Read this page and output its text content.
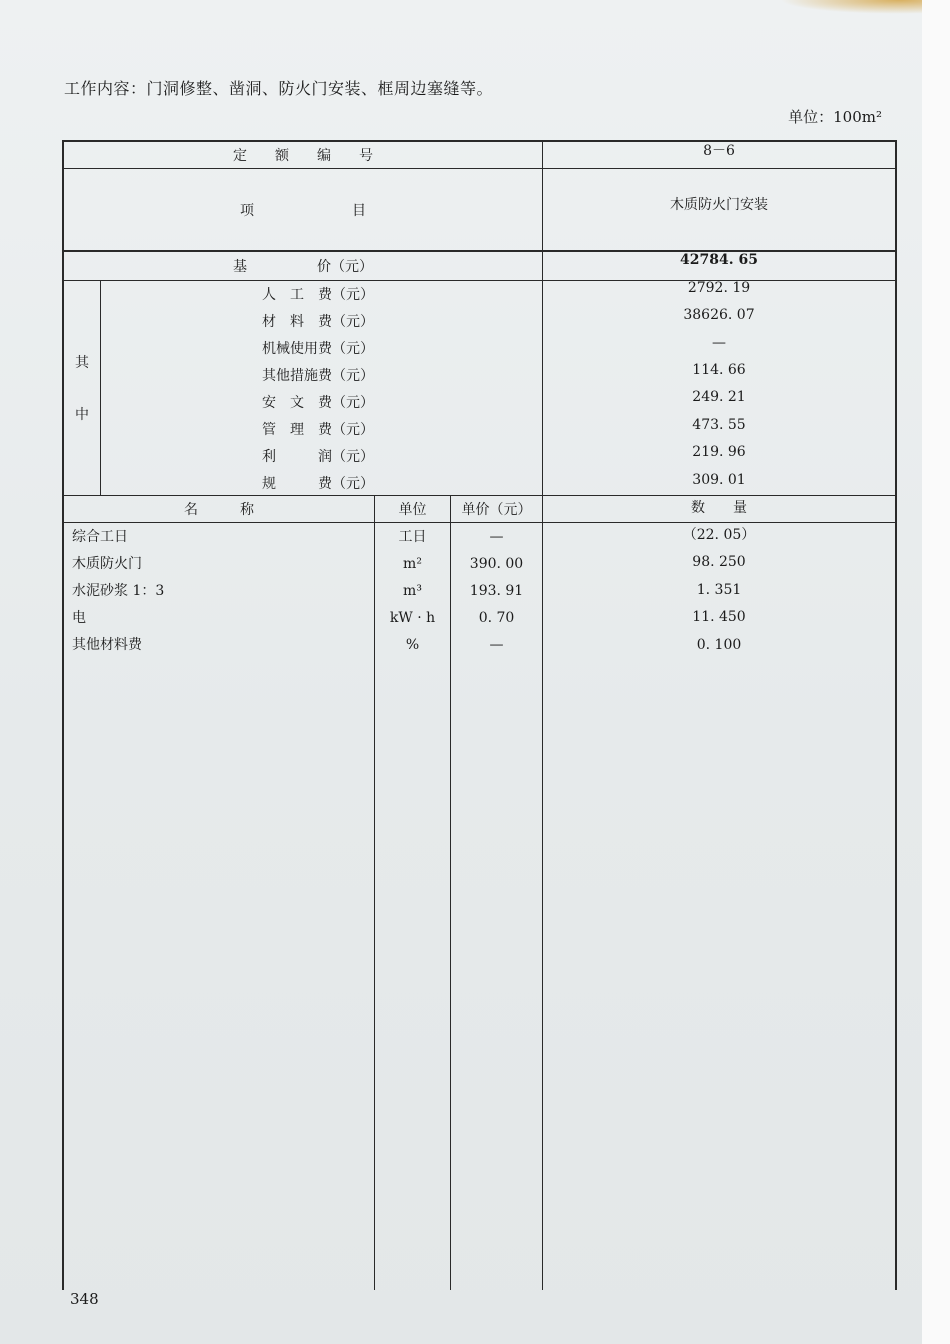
工作内容：门洞修整、凿洞、防火门安装、框周边塞缝等。
单位：100m²
定　　额　　编　　号	8－6
项　　　　　　　目	木质防火门安装
基　　　　　价（元）	42784. 65
其
中
人　工　费（元）	2792. 19
材　料　费（元）	38626. 07
机械使用费（元）	—
其他措施费（元）	114. 66
安　文　费（元）	249. 21
管　理　费（元）	473. 55
利　　　润（元）	219. 96
规　　　费（元）	309. 01
名　　　称	单位	单价（元）	数　　量
综合工日	工日	—	（22. 05）
木质防火门	m²	390. 00	98. 250
水泥砂浆 1：3	m³	193. 91	1. 351
电	kW · h	0. 70	11. 450
其他材料费	%	—	0. 100
348
